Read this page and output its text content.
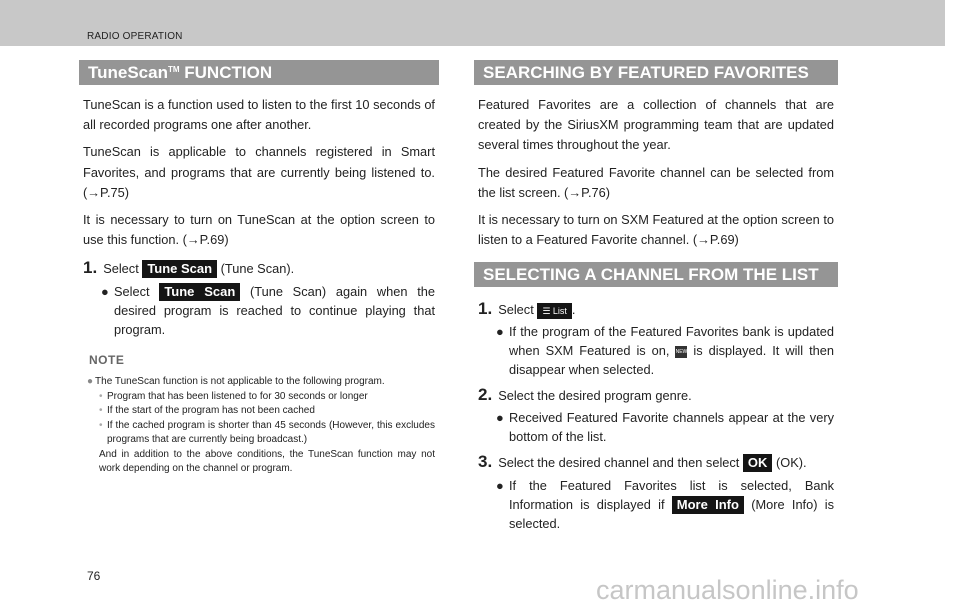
RADIO OPERATION
TuneScan™ FUNCTION

TuneScan is a function used to listen to the first 10 seconds of all recorded programs one after another.

TuneScan is applicable to channels registered in Smart Favorites, and programs that are currently being listened to. (→P.75)

It is necessary to turn on TuneScan at the option screen to use this function. (→P.69)

1. Select Tune Scan (Tune Scan).
● Select Tune Scan (Tune Scan) again when the desired program is reached to continue playing that program.
NOTE
● The TuneScan function is not applicable to the following program.
• Program that has been listened to for 30 seconds or longer
• If the start of the program has not been cached
• If the cached program is shorter than 45 seconds (However, this excludes programs that are currently being broadcast.)
And in addition to the above conditions, the TuneScan function may not work depending on the channel or program.
SEARCHING BY FEATURED FAVORITES

Featured Favorites are a collection of channels that are created by the SiriusXM programming team that are updated several times throughout the year.

The desired Featured Favorite channel can be selected from the list screen. (→P.76)

It is necessary to turn on SXM Featured at the option screen to listen to a Featured Favorite channel. (→P.69)

SELECTING A CHANNEL FROM THE LIST
1. Select ☰ List .
● If the program of the Featured Favorites bank is updated when SXM Featured is on, NEW is displayed. It will then disappear when selected.
2. Select the desired program genre.
● Received Featured Favorite channels appear at the very bottom of the list.
3. Select the desired channel and then select OK (OK).
● If the Featured Favorites list is selected, Bank Information is displayed if More Info (More Info) is selected.
76	carmanualsonline.info
